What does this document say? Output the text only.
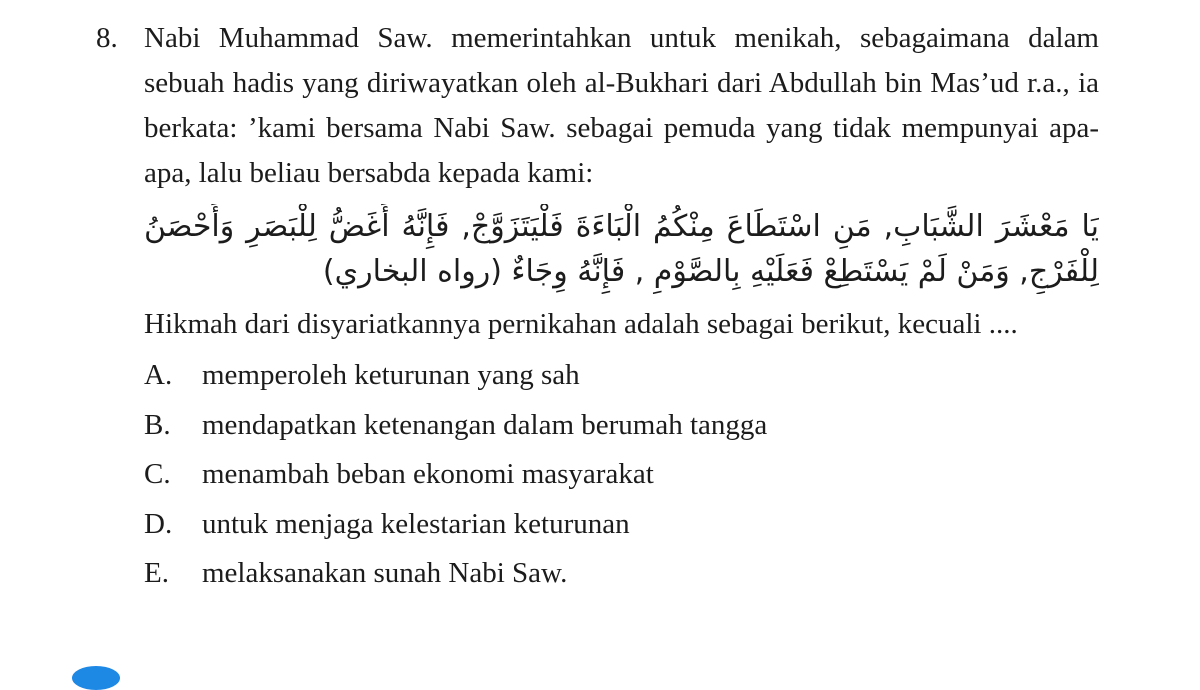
8. Nabi Muhammad Saw. memerintahkan untuk menikah, sebagaimana dalam sebuah hadis yang diriwayatkan oleh al-Bukhari dari Abdullah bin Mas’ud r.a., ia berkata: ’kami bersama Nabi Saw. sebagai pemuda yang tidak mempunyai apa-apa, lalu beliau bersabda kepada kami:

يَا مَعْشَرَ الشَّبَابِ, مَنِ اسْتَطَاعَ مِنْكُمُ الْبَاءَةَ فَلْيَتَزَوَّجْ, فَإِنَّهُ أَغَضُّ لِلْبَصَرِ وَأَحْصَنُ لِلْفَرْجِ, وَمَنْ لَمْ يَسْتَطِعْ فَعَلَيْهِ بِالصَّوْمِ , فَإِنَّهُ وِجَاءٌ (رواه البخاري)

Hikmah dari disyariatkannya pernikahan adalah sebagai berikut, kecuali ....

A.	memperoleh keturunan yang sah
B.	mendapatkan ketenangan dalam berumah tangga
C.	menambah beban ekonomi masyarakat
D.	untuk menjaga kelestarian keturunan
E.	melaksanakan sunah Nabi Saw.
